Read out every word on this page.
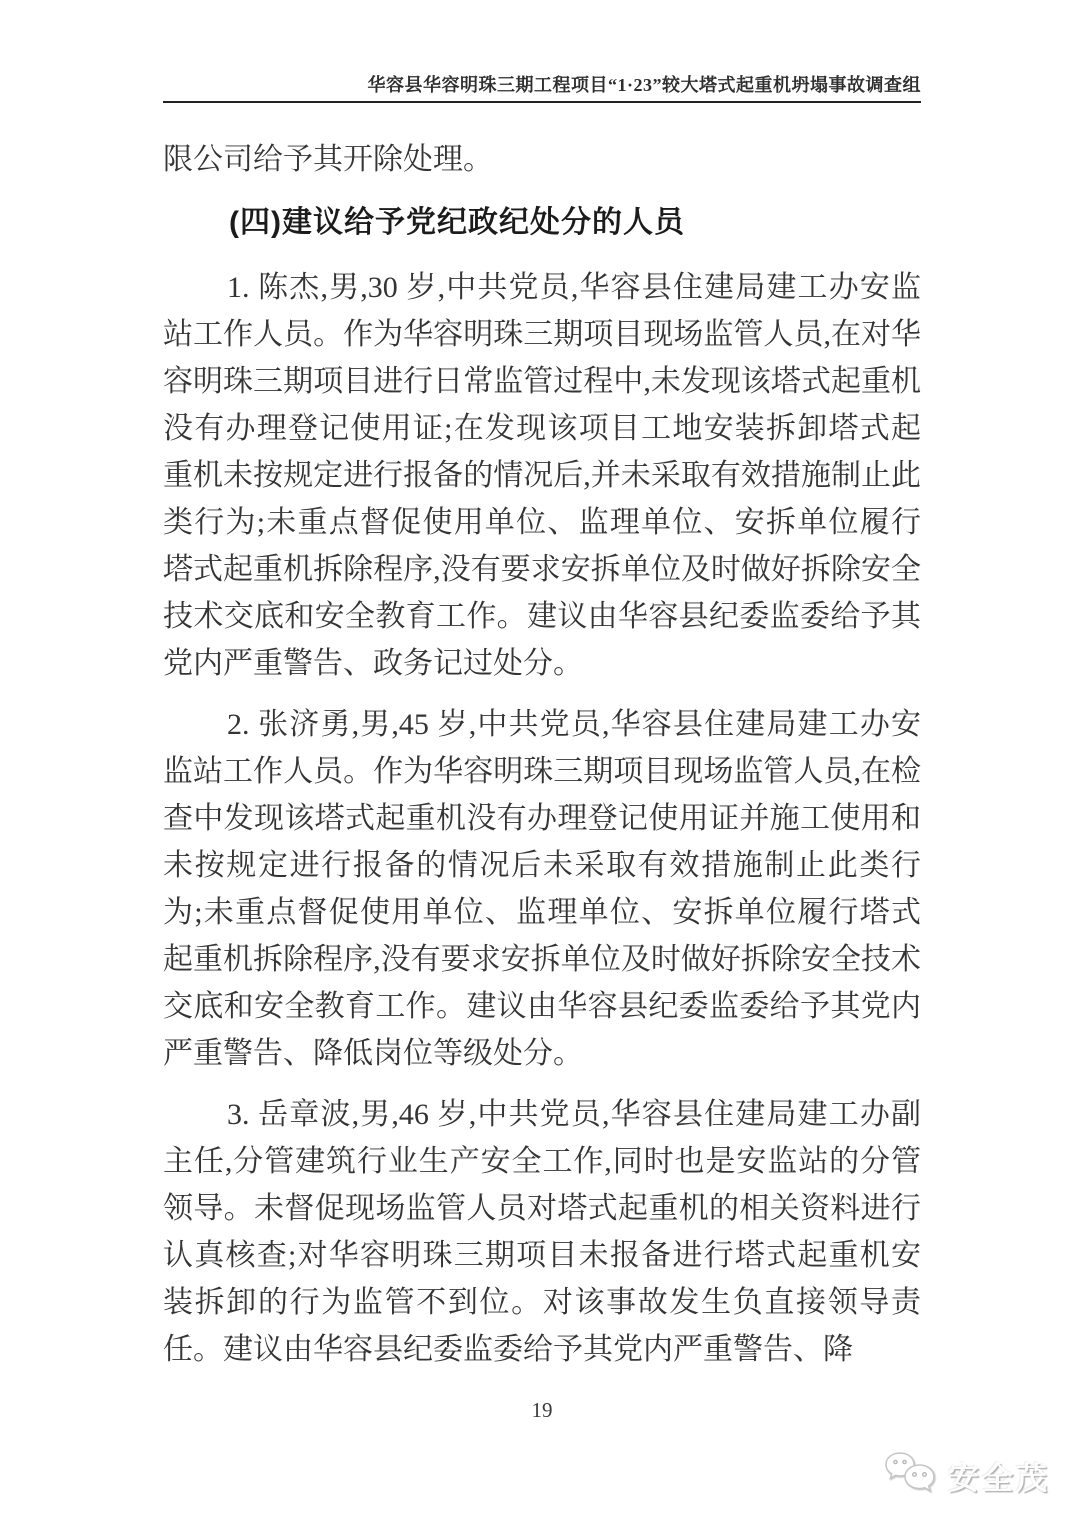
华容县华容明珠三期工程项目“1·23”较大塔式起重机坍塌事故调查组

限公司给予其开除处理。

(四)建议给予党纪政纪处分的人员

1. 陈杰,男,30 岁,中共党员,华容县住建局建工办安监站工作人员。作为华容明珠三期项目现场监管人员,在对华容明珠三期项目进行日常监管过程中,未发现该塔式起重机没有办理登记使用证;在发现该项目工地安装拆卸塔式起重机未按规定进行报备的情况后,并未采取有效措施制止此类行为;未重点督促使用单位、监理单位、安拆单位履行塔式起重机拆除程序,没有要求安拆单位及时做好拆除安全技术交底和安全教育工作。建议由华容县纪委监委给予其党内严重警告、政务记过处分。

2. 张济勇,男,45 岁,中共党员,华容县住建局建工办安监站工作人员。作为华容明珠三期项目现场监管人员,在检查中发现该塔式起重机没有办理登记使用证并施工使用和未按规定进行报备的情况后未采取有效措施制止此类行为;未重点督促使用单位、监理单位、安拆单位履行塔式起重机拆除程序,没有要求安拆单位及时做好拆除安全技术交底和安全教育工作。建议由华容县纪委监委给予其党内严重警告、降低岗位等级处分。

3. 岳章波,男,46 岁,中共党员,华容县住建局建工办副主任,分管建筑行业生产安全工作,同时也是安监站的分管领导。未督促现场监管人员对塔式起重机的相关资料进行认真核查;对华容明珠三期项目未报备进行塔式起重机安装拆卸的行为监管不到位。对该事故发生负直接领导责任。建议由华容县纪委监委给予其党内严重警告、降

19
安全茂
